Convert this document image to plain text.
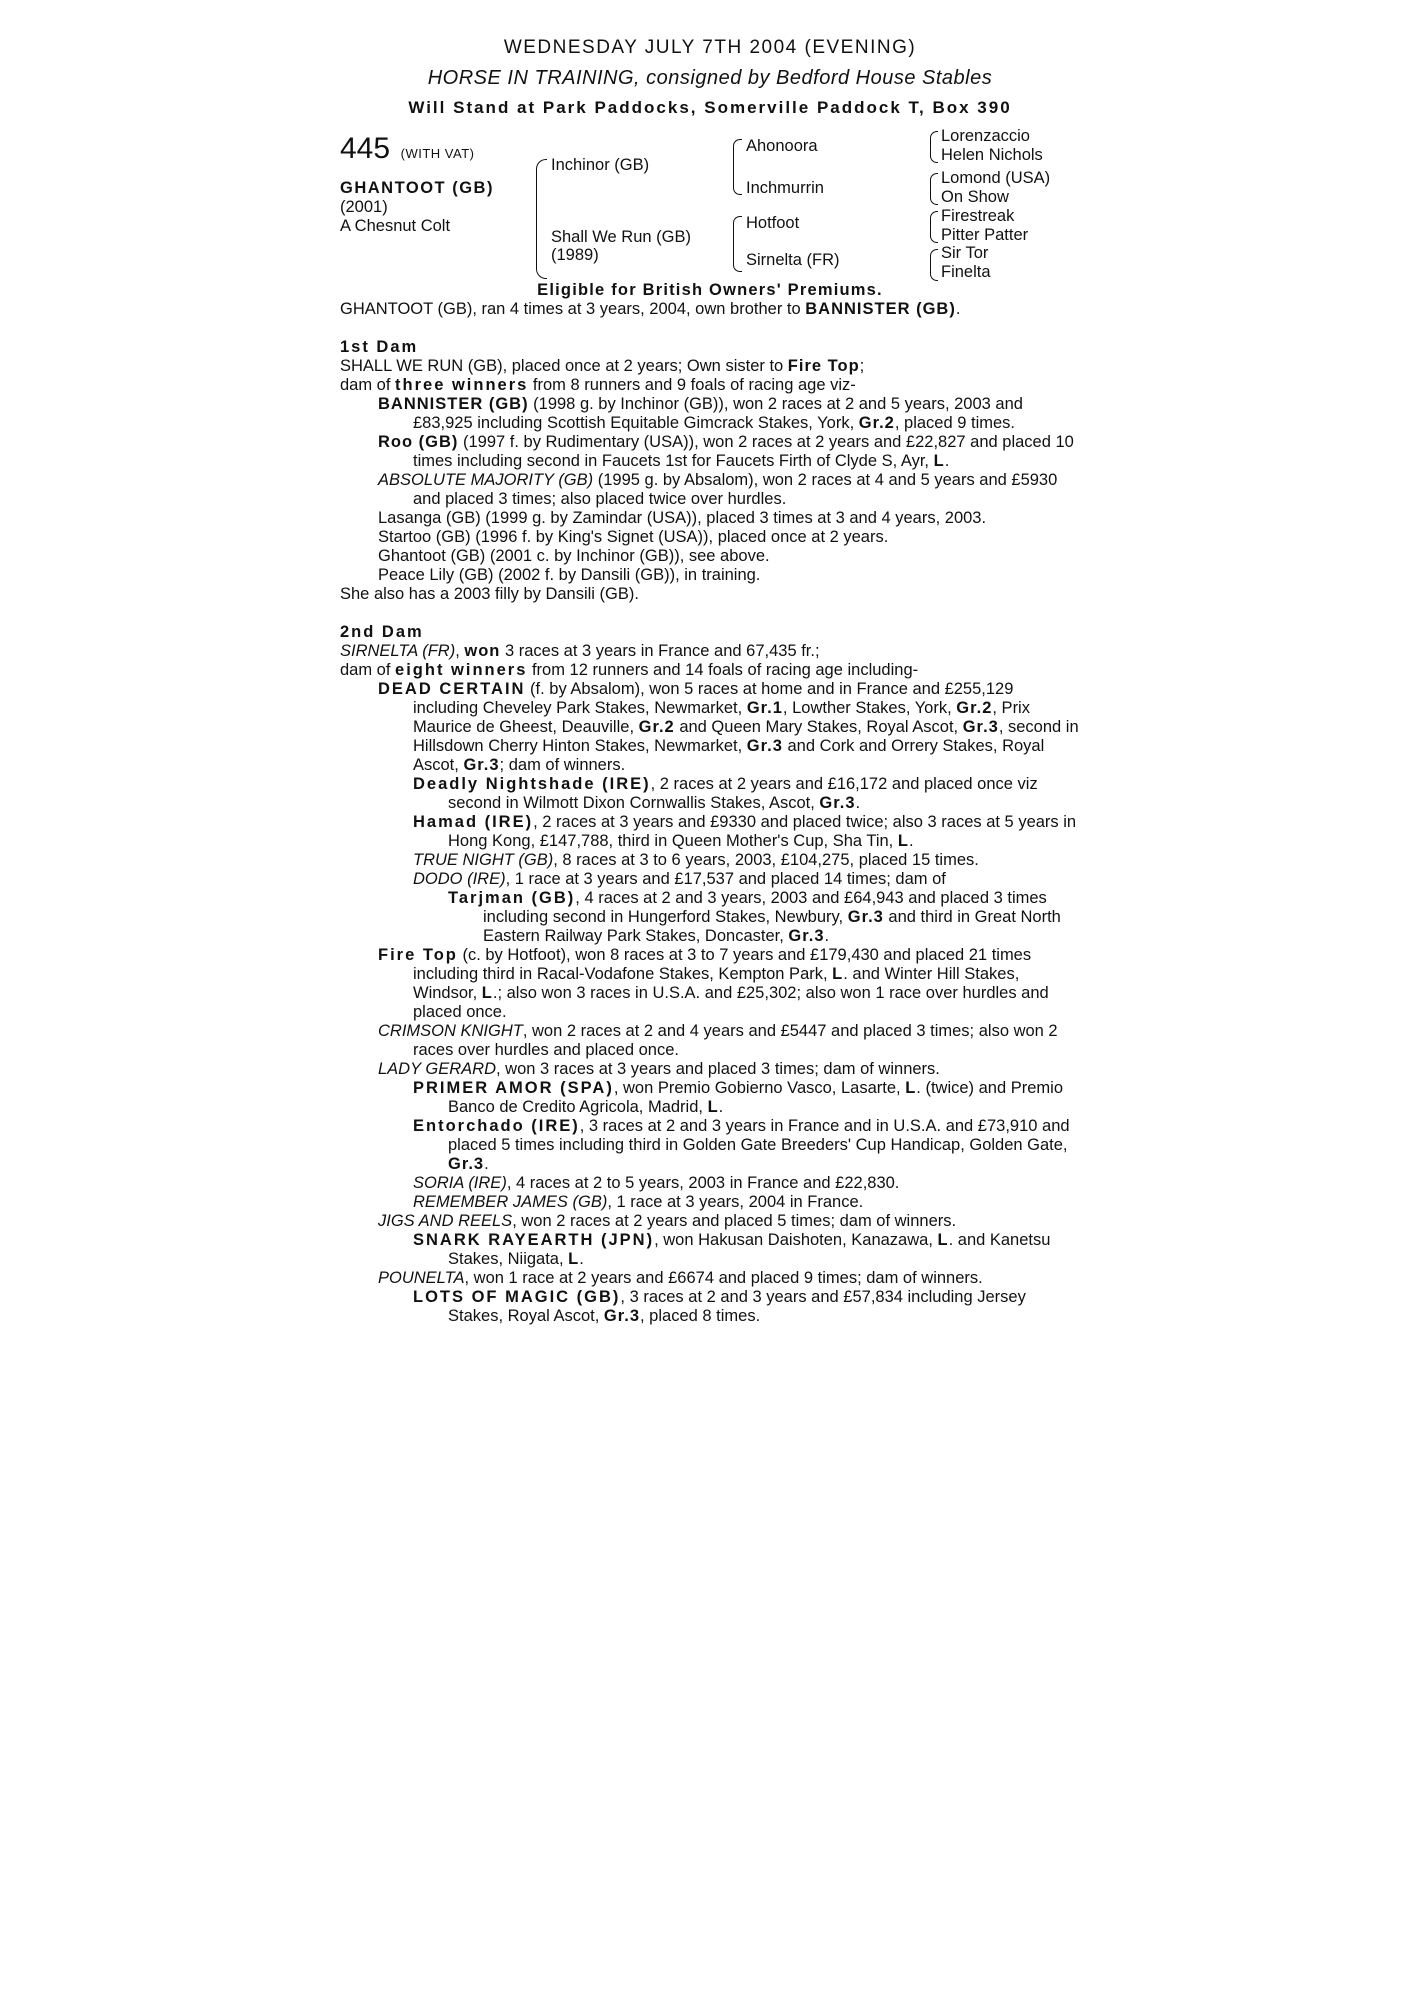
WEDNESDAY JULY 7TH 2004 (EVENING)
HORSE IN TRAINING, consigned by Bedford House Stables
Will Stand at Park Paddocks, Somerville Paddock T, Box 390
445 (WITH VAT)
GHANTOOT (GB)
(2001)
A Chesnut Colt
Inchinor (GB)
Shall We Run (GB)
(1989)
Ahonoora
Inchmurrin
Hotfoot
Sirnelta (FR)
Lorenzaccio
Helen Nichols
Lomond (USA)
On Show
Firestreak
Pitter Patter
Sir Tor
Finelta
Eligible for British Owners' Premiums.

GHANTOOT (GB), ran 4 times at 3 years, 2004, own brother to BANNISTER (GB).

1st Dam

SHALL WE RUN (GB), placed once at 2 years; Own sister to Fire Top;

dam of three winners from 8 runners and 9 foals of racing age viz-

BANNISTER (GB) (1998 g. by Inchinor (GB)), won 2 races at 2 and 5 years, 2003 and £83,925 including Scottish Equitable Gimcrack Stakes, York, Gr.2, placed 9 times.

Roo (GB) (1997 f. by Rudimentary (USA)), won 2 races at 2 years and £22,827 and placed 10 times including second in Faucets 1st for Faucets Firth of Clyde S, Ayr, L.

ABSOLUTE MAJORITY (GB) (1995 g. by Absalom), won 2 races at 4 and 5 years and £5930 and placed 3 times; also placed twice over hurdles.

Lasanga (GB) (1999 g. by Zamindar (USA)), placed 3 times at 3 and 4 years, 2003.

Startoo (GB) (1996 f. by King's Signet (USA)), placed once at 2 years.

Ghantoot (GB) (2001 c. by Inchinor (GB)), see above.

Peace Lily (GB) (2002 f. by Dansili (GB)), in training.

She also has a 2003 filly by Dansili (GB).

2nd Dam

SIRNELTA (FR), won 3 races at 3 years in France and 67,435 fr.;

dam of eight winners from 12 runners and 14 foals of racing age including-

DEAD CERTAIN (f. by Absalom), won 5 races at home and in France and £255,129 including Cheveley Park Stakes, Newmarket, Gr.1, Lowther Stakes, York, Gr.2, Prix Maurice de Gheest, Deauville, Gr.2 and Queen Mary Stakes, Royal Ascot, Gr.3, second in Hillsdown Cherry Hinton Stakes, Newmarket, Gr.3 and Cork and Orrery Stakes, Royal Ascot, Gr.3; dam of winners.

Deadly Nightshade (IRE), 2 races at 2 years and £16,172 and placed once viz second in Wilmott Dixon Cornwallis Stakes, Ascot, Gr.3.

Hamad (IRE), 2 races at 3 years and £9330 and placed twice; also 3 races at 5 years in Hong Kong, £147,788, third in Queen Mother's Cup, Sha Tin, L.

TRUE NIGHT (GB), 8 races at 3 to 6 years, 2003, £104,275, placed 15 times.

DODO (IRE), 1 race at 3 years and £17,537 and placed 14 times; dam of

Tarjman (GB), 4 races at 2 and 3 years, 2003 and £64,943 and placed 3 times including second in Hungerford Stakes, Newbury, Gr.3 and third in Great North Eastern Railway Park Stakes, Doncaster, Gr.3.

Fire Top (c. by Hotfoot), won 8 races at 3 to 7 years and £179,430 and placed 21 times including third in Racal-Vodafone Stakes, Kempton Park, L. and Winter Hill Stakes, Windsor, L.; also won 3 races in U.S.A. and £25,302; also won 1 race over hurdles and placed once.

CRIMSON KNIGHT, won 2 races at 2 and 4 years and £5447 and placed 3 times; also won 2 races over hurdles and placed once.

LADY GERARD, won 3 races at 3 years and placed 3 times; dam of winners.

PRIMER AMOR (SPA), won Premio Gobierno Vasco, Lasarte, L. (twice) and Premio Banco de Credito Agricola, Madrid, L.

Entorchado (IRE), 3 races at 2 and 3 years in France and in U.S.A. and £73,910 and placed 5 times including third in Golden Gate Breeders' Cup Handicap, Golden Gate, Gr.3.

SORIA (IRE), 4 races at 2 to 5 years, 2003 in France and £22,830.

REMEMBER JAMES (GB), 1 race at 3 years, 2004 in France.

JIGS AND REELS, won 2 races at 2 years and placed 5 times; dam of winners.

SNARK RAYEARTH (JPN), won Hakusan Daishoten, Kanazawa, L. and Kanetsu Stakes, Niigata, L.

POUNELTA, won 1 race at 2 years and £6674 and placed 9 times; dam of winners.

LOTS OF MAGIC (GB), 3 races at 2 and 3 years and £57,834 including Jersey Stakes, Royal Ascot, Gr.3, placed 8 times.
